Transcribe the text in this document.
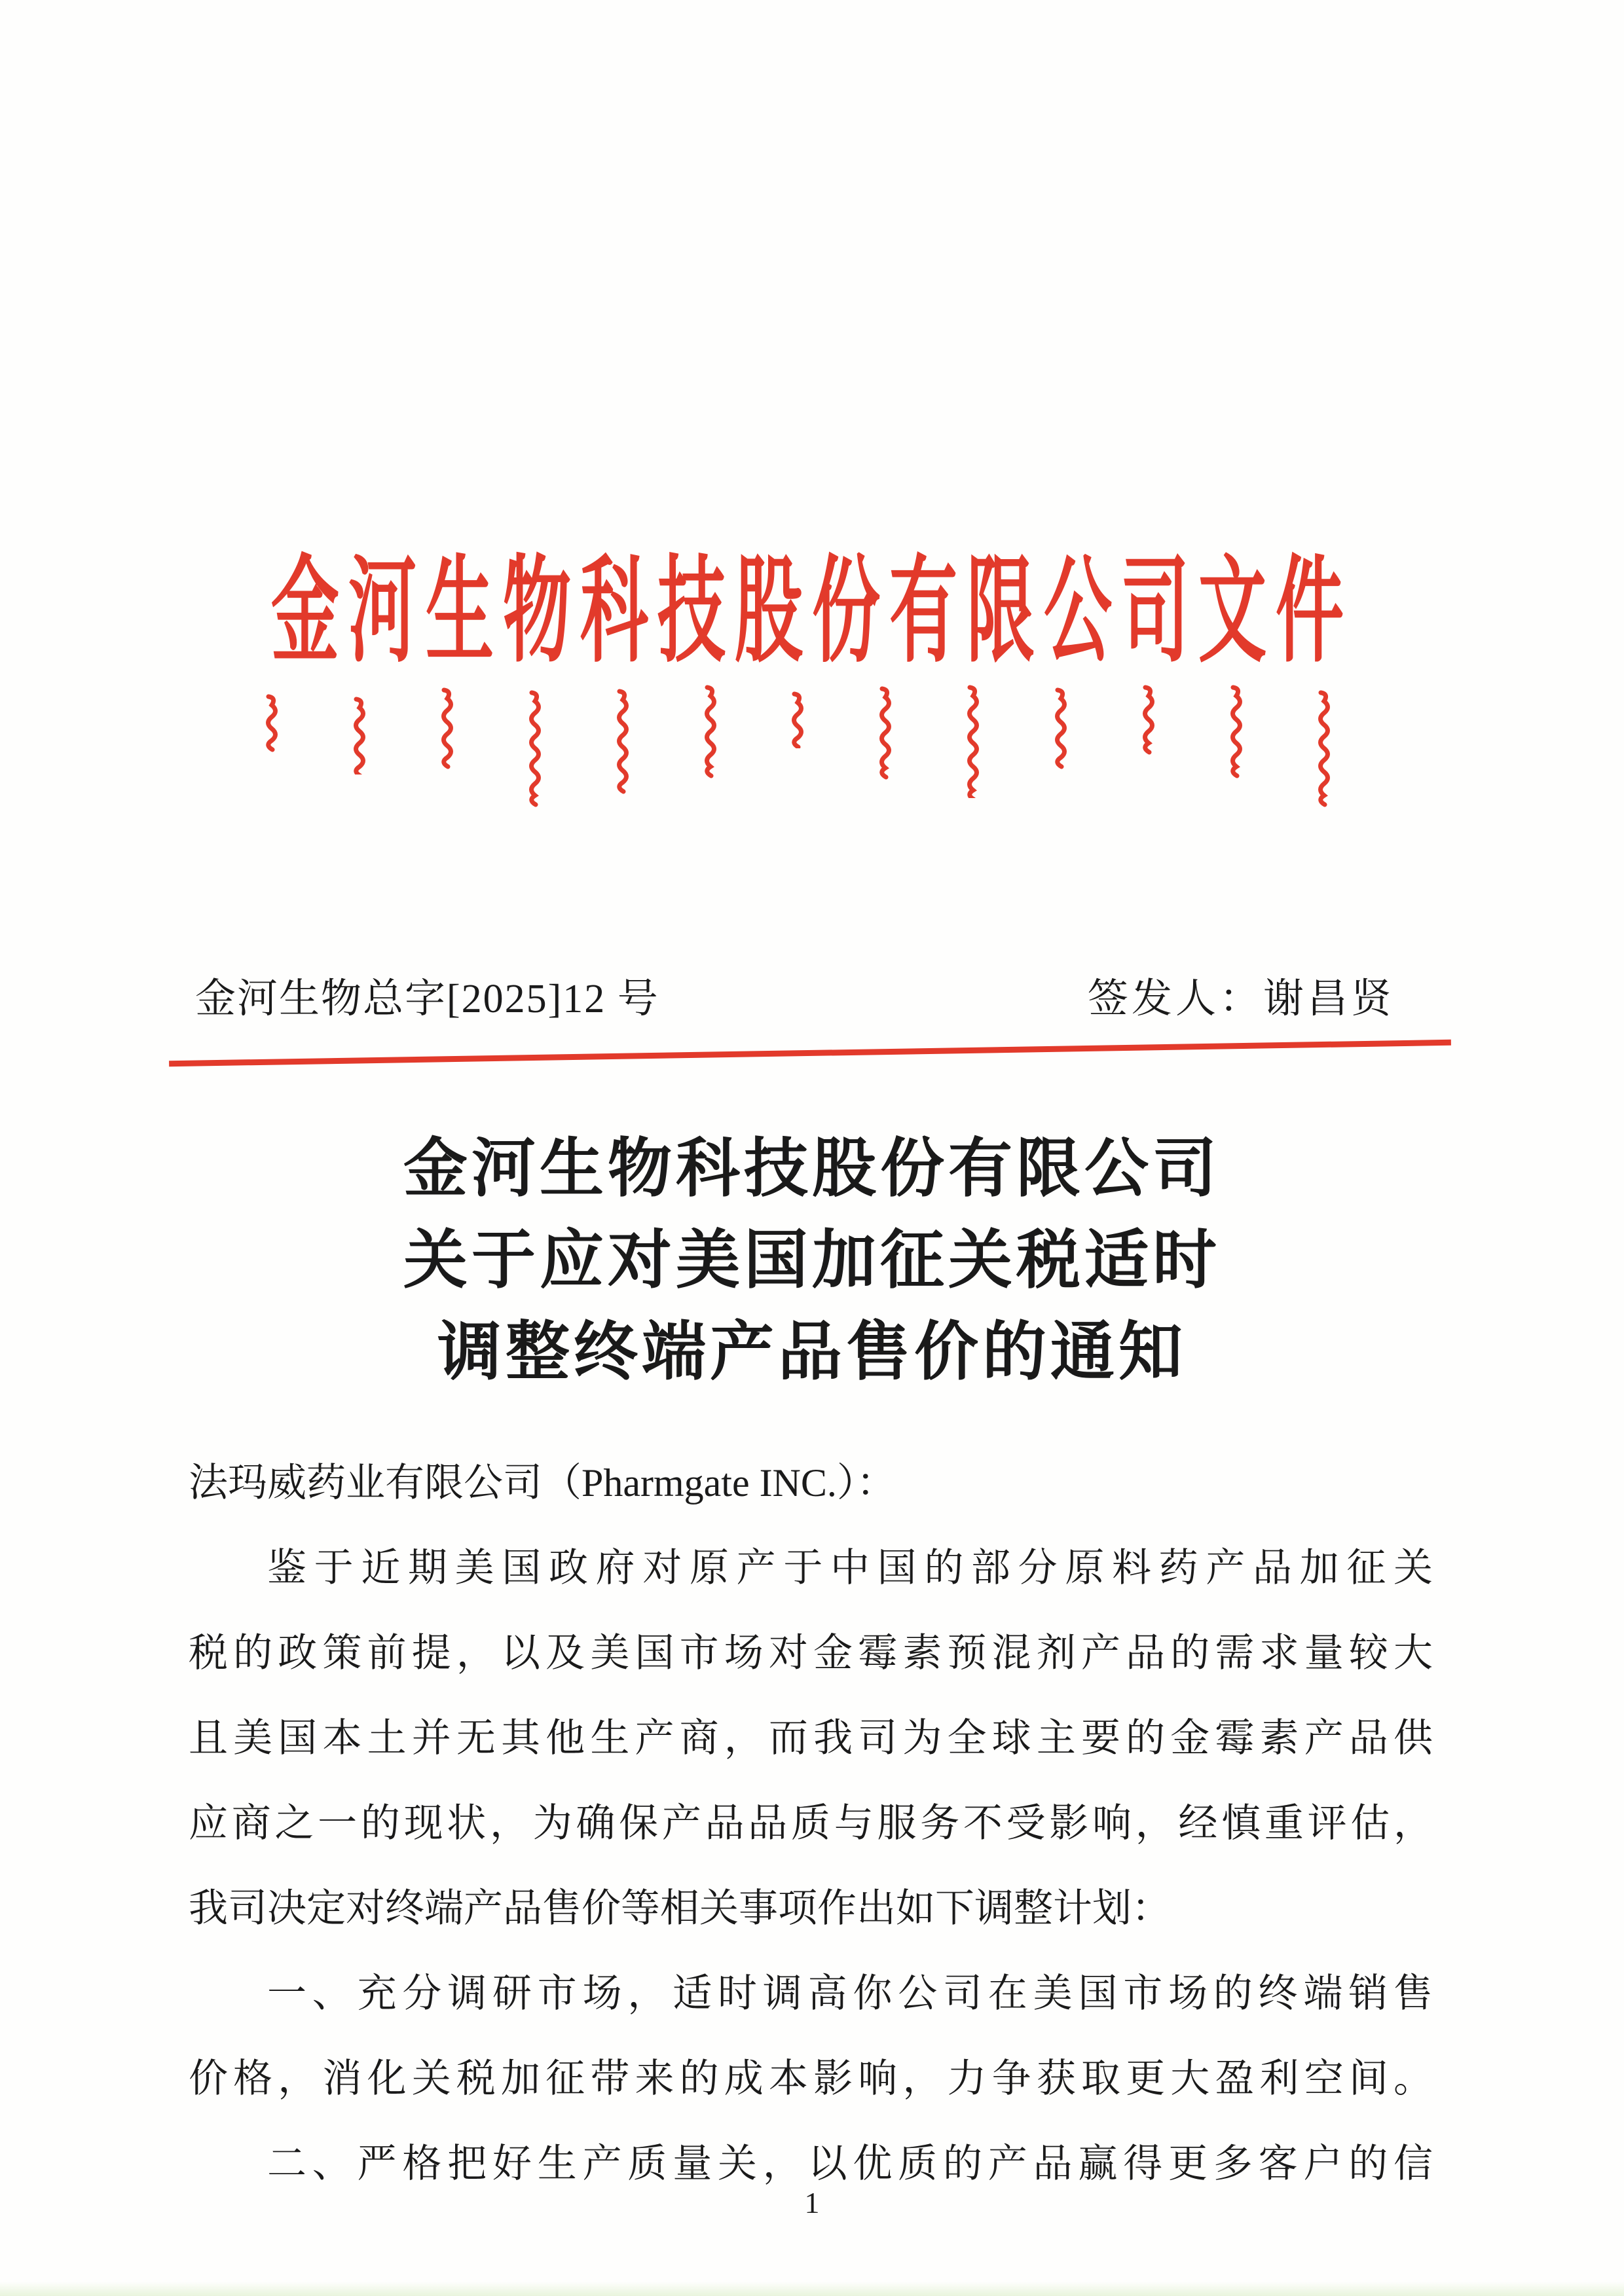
金河生物科技股份有限公司文件
金河生物总字[2025]12 号	签发人：谢昌贤
金河生物科技股份有限公司
关于应对美国加征关税适时
调整终端产品售价的通知
法玛威药业有限公司（Pharmgate INC.）：
鉴于近期美国政府对原产于中国的部分原料药产品加征关
税的政策前提，以及美国市场对金霉素预混剂产品的需求量较大
且美国本土并无其他生产商，而我司为全球主要的金霉素产品供
应商之一的现状，为确保产品品质与服务不受影响，经慎重评估，
我司决定对终端产品售价等相关事项作出如下调整计划：
一、充分调研市场，适时调高你公司在美国市场的终端销售
价格，消化关税加征带来的成本影响，力争获取更大盈利空间。
二、严格把好生产质量关，以优质的产品赢得更多客户的信
1
